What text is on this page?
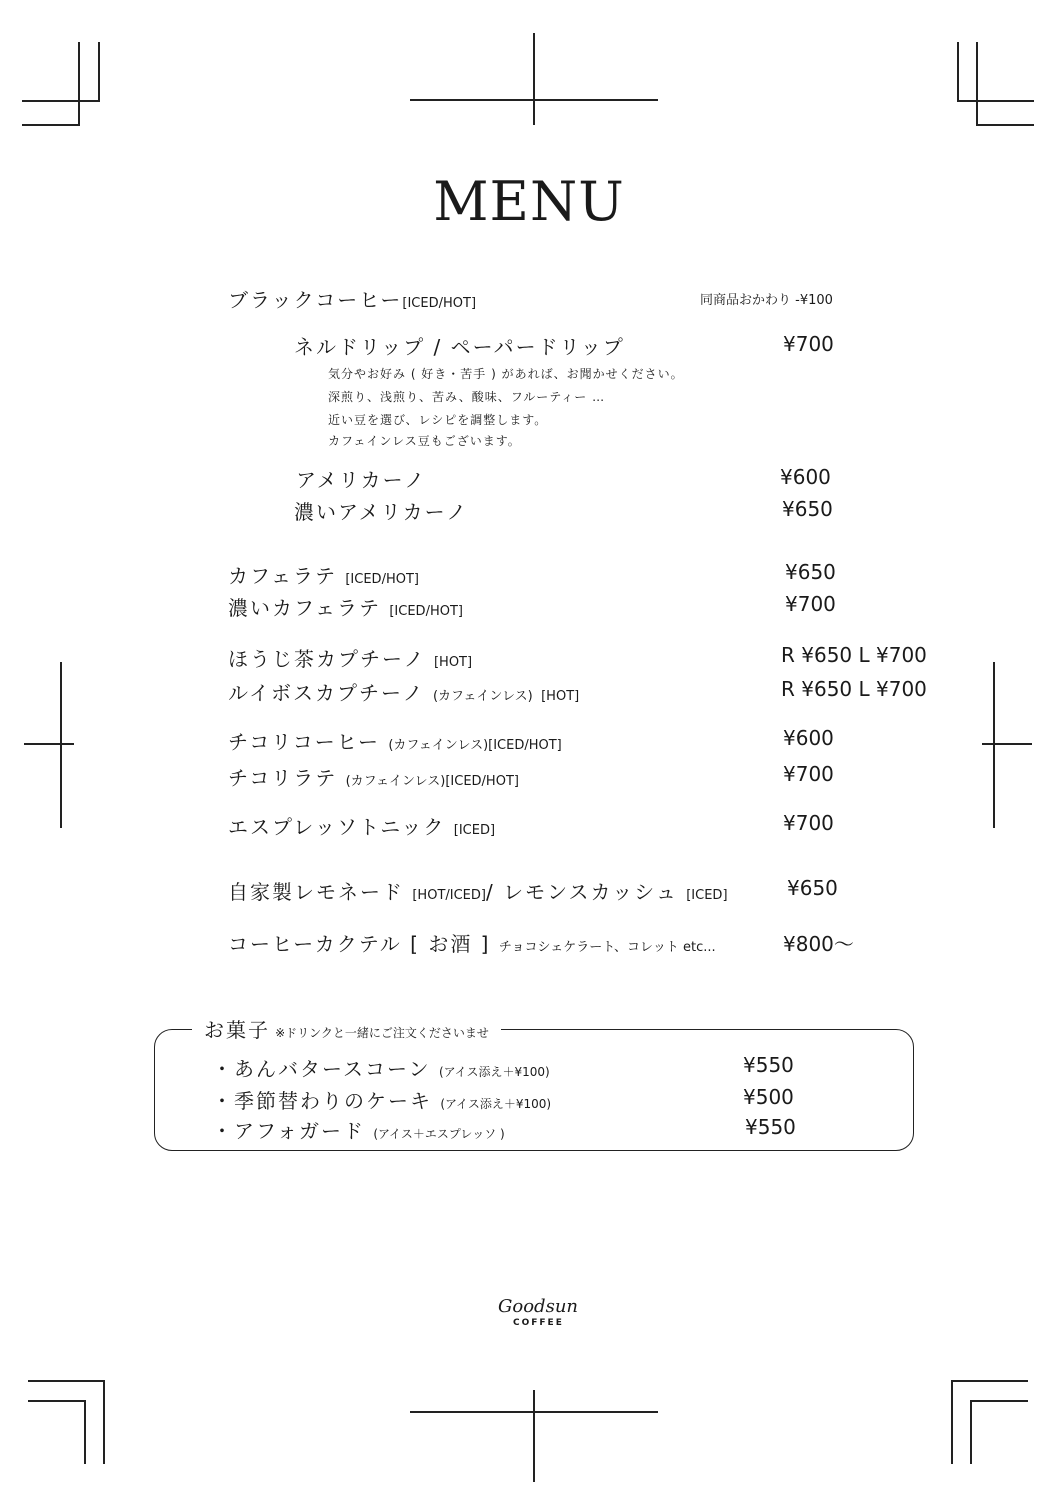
MENU
ブラックコーヒー[ICED/HOT]	同商品おかわり -¥100
ネルドリップ / ペーパードリップ	¥700
気分やお好み ( 好き・苦手 ) があれば、お聞かせください。
深煎り、浅煎り、苦み、酸味、フルーティー …
近い豆を選び、レシピを調整します。
カフェインレス豆もございます。
アメリカーノ	¥600
濃いアメリカーノ	¥650
カフェラテ [ICED/HOT]	¥650
濃いカフェラテ [ICED/HOT]	¥700
ほうじ茶カプチーノ [HOT]	R ¥650 L ¥700
ルイボスカプチーノ (カフェインレス) [HOT]	R ¥650 L ¥700
チコリコーヒー (カフェインレス)[ICED/HOT]	¥600
チコリラテ (カフェインレス)[ICED/HOT]	¥700
エスプレッソトニック [ICED]	¥700
自家製レモネード [HOT/ICED]/ レモンスカッシュ [ICED]	¥650
コーヒーカクテル [ お酒 ] チョコシェケラート、コレット etc...	¥800〜
お菓子 ※ドリンクと一緒にご注文くださいませ
・あんバタースコーン (アイス添え＋¥100)	¥550
・季節替わりのケーキ (アイス添え＋¥100)	¥500
・アフォガード (アイス＋エスプレッソ )	¥550
Goodsun
COFFEE
